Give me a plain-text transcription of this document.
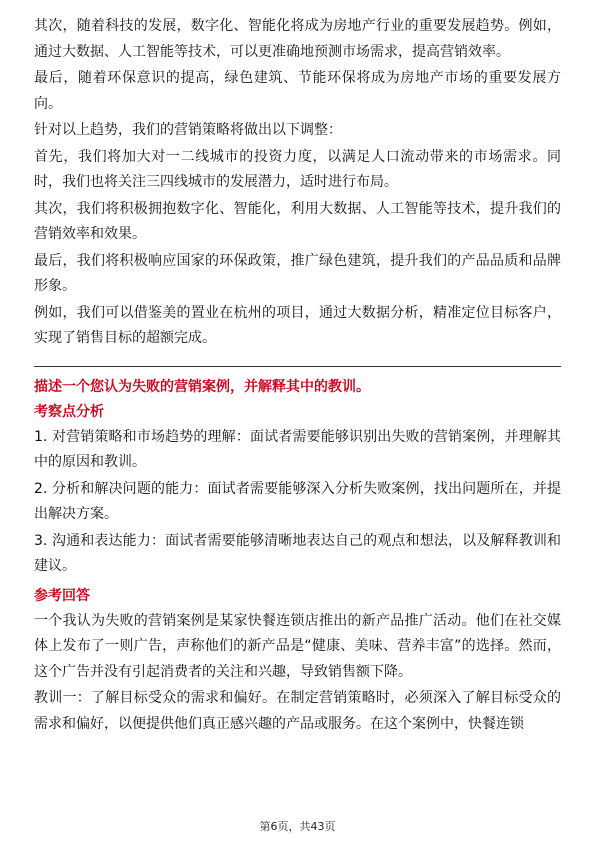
其次，随着科技的发展，数字化、智能化将成为房地产行业的重要发展趋势。例如，通过大数据、人工智能等技术，可以更准确地预测市场需求，提高营销效率。

最后，随着环保意识的提高，绿色建筑、节能环保将成为房地产市场的重要发展方向。

针对以上趋势，我们的营销策略将做出以下调整：

首先，我们将加大对一二线城市的投资力度，以满足人口流动带来的市场需求。同时，我们也将关注三四线城市的发展潜力，适时进行布局。

其次，我们将积极拥抱数字化、智能化，利用大数据、人工智能等技术，提升我们的营销效率和效果。

最后，我们将积极响应国家的环保政策，推广绿色建筑，提升我们的产品品质和品牌形象。

例如，我们可以借鉴美的置业在杭州的项目，通过大数据分析，精准定位目标客户，实现了销售目标的超额完成。

描述一个您认为失败的营销案例，并解释其中的教训。

考察点分析

1. 对营销策略和市场趋势的理解：面试者需要能够识别出失败的营销案例，并理解其中的原因和教训。

2. 分析和解决问题的能力：面试者需要能够深入分析失败案例，找出问题所在，并提出解决方案。

3. 沟通和表达能力：面试者需要能够清晰地表达自己的观点和想法，以及解释教训和建议。

参考回答

一个我认为失败的营销案例是某家快餐连锁店推出的新产品推广活动。他们在社交媒体上发布了一则广告，声称他们的新产品是“健康、美味、营养丰富”的选择。然而，这个广告并没有引起消费者的关注和兴趣，导致销售额下降。

教训一：了解目标受众的需求和偏好。在制定营销策略时，必须深入了解目标受众的需求和偏好，以便提供他们真正感兴趣的产品或服务。在这个案例中，快餐连锁

第6页，共43页
